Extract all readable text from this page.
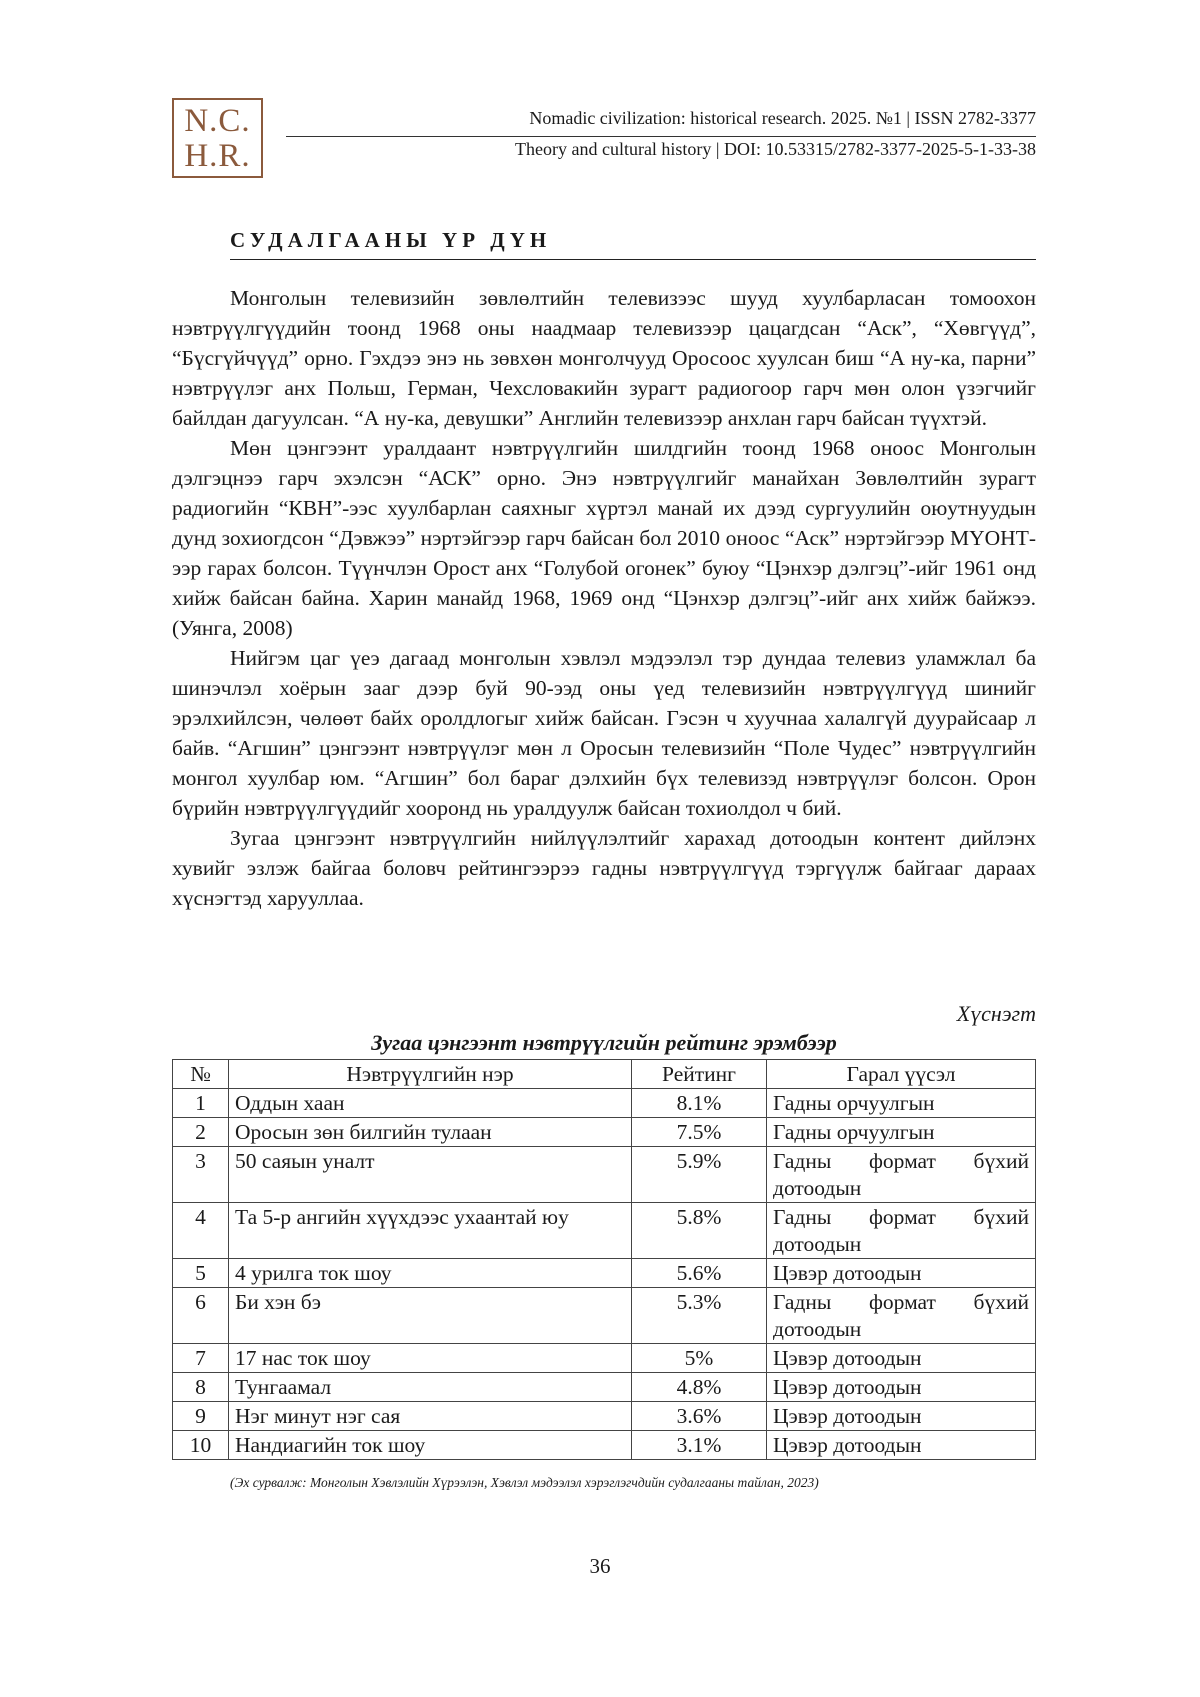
N.C.
H.R.
Nomadic civilization: historical research. 2025. №1 | ISSN 2782-3377
Theory and cultural history | DOI: 10.53315/2782-3377-2025-5-1-33-38
СУДАЛГААНЫ ҮР ДҮН

Монголын телевизийн зөвлөлтийн телевизээс шууд хуулбарласан томоохон нэвтрүүлгүүдийн тоонд 1968 оны наадмаар телевизээр цацагдсан “Аск”, “Хөвгүүд”, “Бүсгүйчүүд” орно. Гэхдээ энэ нь зөвхөн монголчууд Оросоос хуулсан биш “А ну-ка, парни” нэвтрүүлэг анх Польш, Герман, Чехсловакийн зурагт радиогоор гарч мөн олон үзэгчийг байлдан дагуулсан. “А ну-ка, девушки” Английн телевизээр анхлан гарч байсан түүхтэй.

Мөн цэнгээнт уралдаант нэвтрүүлгийн шилдгийн тоонд 1968 оноос Монголын дэлгэцнээ гарч эхэлсэн “АСК” орно. Энэ нэвтрүүлгийг манайхан Зөвлөлтийн зурагт радиогийн “КВН”-ээс хуулбарлан саяхныг хүртэл манай их дээд сургуулийн оюутнуудын дунд зохиогдсон “Дэвжээ” нэртэйгээр гарч байсан бол 2010 оноос “Аск” нэртэйгээр МҮОНТ-ээр гарах болсон. Түүнчлэн Орост анх “Голубой огонек” буюу “Цэнхэр дэлгэц”-ийг 1961 онд хийж байсан байна. Харин манайд 1968, 1969 онд “Цэнхэр дэлгэц”-ийг анх хийж байжээ. (Уянга, 2008)

Нийгэм цаг үеэ дагаад монголын хэвлэл мэдээлэл тэр дундаа телевиз уламжлал ба шинэчлэл хоёрын зааг дээр буй 90-ээд оны үед телевизийн нэвтрүүлгүүд шинийг эрэлхийлсэн, чөлөөт байх оролдлогыг хийж байсан. Гэсэн ч хуучнаа халалгүй дуурайсаар л байв. “Агшин” цэнгээнт нэвтрүүлэг мөн л Оросын телевизийн “Поле Чудес” нэвтрүүлгийн монгол хуулбар юм. “Агшин” бол бараг дэлхийн бүх телевизэд нэвтрүүлэг болсон. Орон бүрийн нэвтрүүлгүүдийг хооронд нь уралдуулж байсан тохиолдол ч бий.

Зугаа цэнгээнт нэвтрүүлгийн нийлүүлэлтийг харахад дотоодын контент дийлэнх хувийг эзлэж байгаа боловч рейтингээрээ гадны нэвтрүүлгүүд тэргүүлж байгааг дараах хүснэгтэд харууллаа.

Хүснэгт
Зугаа цэнгээнт нэвтрүүлгийн рейтинг эрэмбээр
№	Нэвтрүүлгийн нэр	Рейтинг	Гарал үүсэл
1	Оддын хаан	8.1%	Гадны орчуулгын

2	Оросын зөн билгийн тулаан	7.5%	Гадны орчуулгын

3	50 саяын уналт	5.9%	Гадны формат бүхий
дотоодын

4	Та 5-р ангийн хүүхдээс ухаантай юу	5.8%	Гадны формат бүхий
дотоодын

5	4 урилга ток шоу	5.6%	Цэвэр дотоодын

6	Би хэн бэ	5.3%	Гадны формат бүхий
дотоодын

7	17 нас ток шоу	5%	Цэвэр дотоодын

8	Тунгаамал	4.8%	Цэвэр дотоодын

9	Нэг минут нэг сая	3.6%	Цэвэр дотоодын

10	Нандиагийн ток шоу	3.1%	Цэвэр дотоодын
(Эх сурвалж: Монголын Хэвлэлийн Хүрээлэн, Хэвлэл мэдээлэл хэрэглэгчдийн судалгааны тайлан, 2023)
36
